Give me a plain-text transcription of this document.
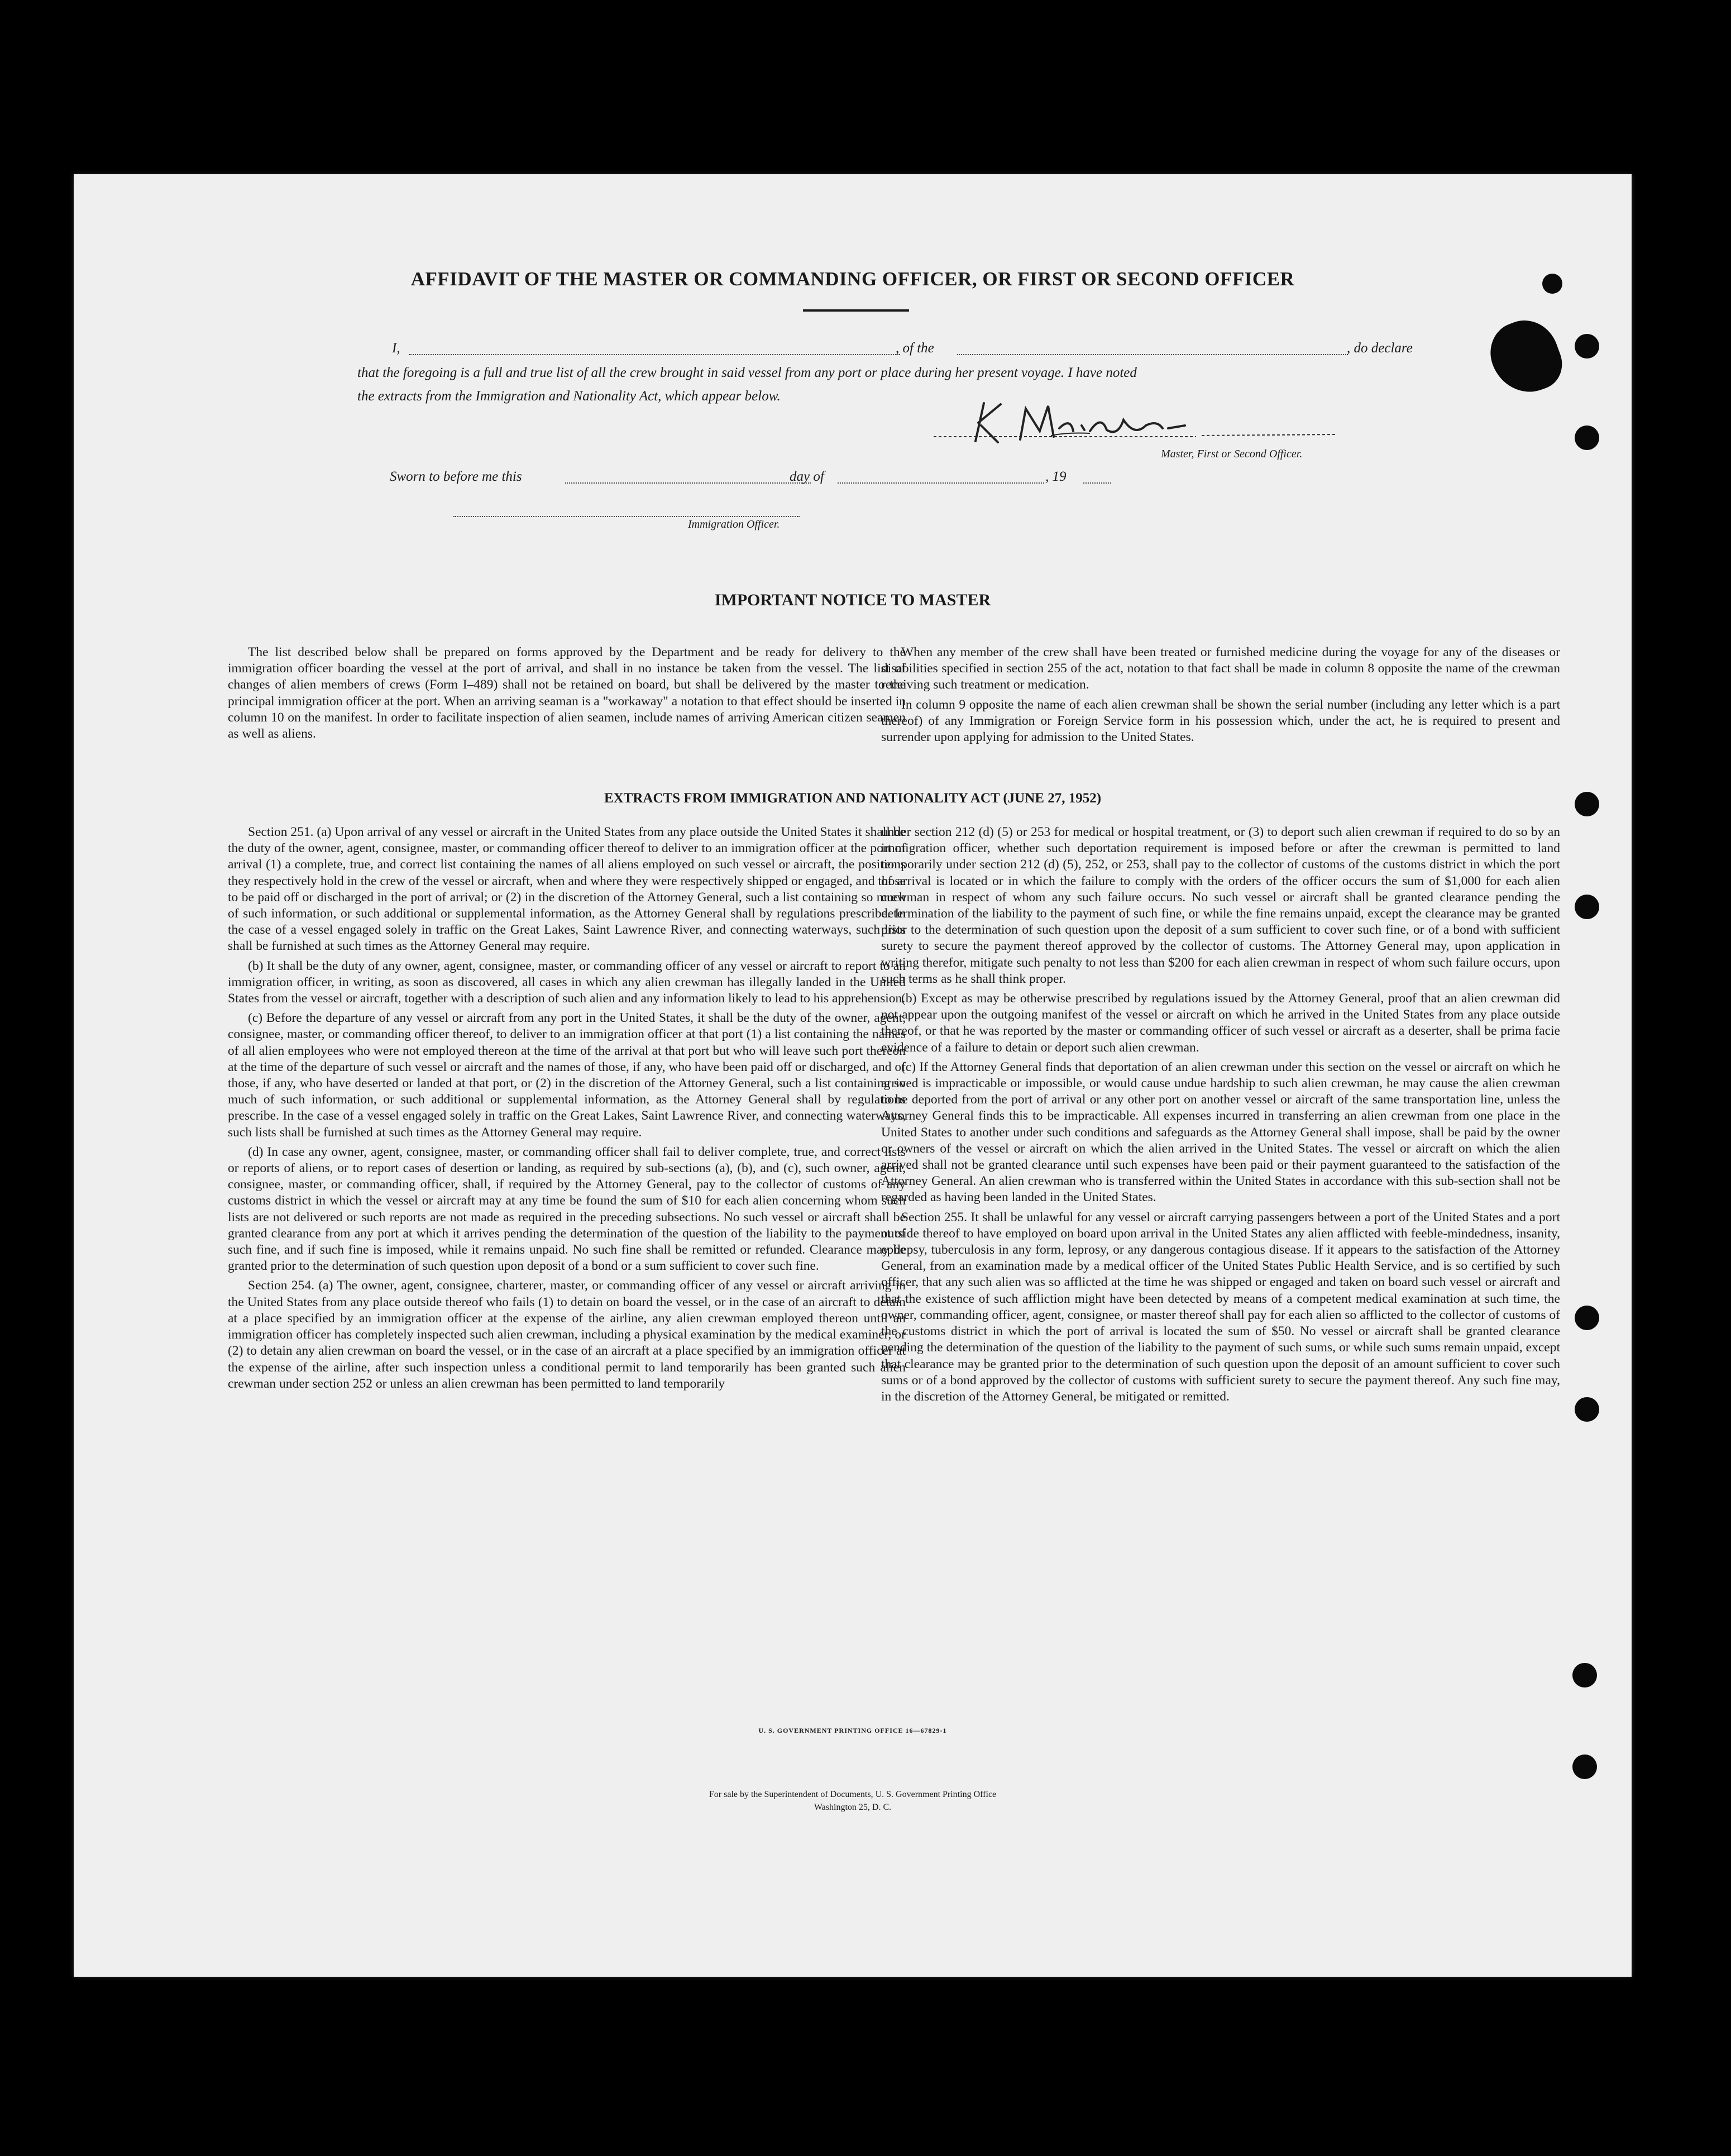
AFFIDAVIT OF THE MASTER OR COMMANDING OFFICER, OR FIRST OR SECOND OFFICER
I,	, of the	, do declare
that the foregoing is a full and true list of all the crew brought in said vessel from any port or place during her present voyage. I have noted
the extracts from the Immigration and Nationality Act, which appear below.
Master, First or Second Officer.
Sworn to before me this	day of	, 19
Immigration Officer.
IMPORTANT NOTICE TO MASTER

The list described below shall be prepared on forms approved by the Department and be ready for delivery to the immigration officer boarding the vessel at the port of arrival, and shall in no instance be taken from the vessel. The list of changes of alien members of crews (Form I–489) shall not be retained on board, but shall be delivered by the master to the principal immigration officer at the port. When an arriving seaman is a "workaway" a notation to that effect should be inserted in column 10 on the manifest. In order to facilitate inspection of alien seamen, include names of arriving American citizen seamen as well as aliens.

When any member of the crew shall have been treated or furnished medicine during the voyage for any of the diseases or disabilities specified in section 255 of the act, notation to that fact shall be made in column 8 opposite the name of the crewman receiving such treatment or medication.

In column 9 opposite the name of each alien crewman shall be shown the serial number (including any letter which is a part thereof) of any Immigration or Foreign Service form in his possession which, under the act, he is required to present and surrender upon applying for admission to the United States.

EXTRACTS FROM IMMIGRATION AND NATIONALITY ACT (JUNE 27, 1952)

Section 251. (a) Upon arrival of any vessel or aircraft in the United States from any place outside the United States it shall be the duty of the owner, agent, consignee, master, or commanding officer thereof to deliver to an immigration officer at the port of arrival (1) a complete, true, and correct list containing the names of all aliens employed on such vessel or aircraft, the positions they respectively hold in the crew of the vessel or aircraft, when and where they were respectively shipped or engaged, and those to be paid off or discharged in the port of arrival; or (2) in the discretion of the Attorney General, such a list containing so much of such information, or such additional or supplemental information, as the Attorney General shall by regulations prescribe. In the case of a vessel engaged solely in traffic on the Great Lakes, Saint Lawrence River, and connecting waterways, such lists shall be furnished at such times as the Attorney General may require.

(b) It shall be the duty of any owner, agent, consignee, master, or commanding officer of any vessel or aircraft to report to an immigration officer, in writing, as soon as discovered, all cases in which any alien crewman has illegally landed in the United States from the vessel or aircraft, together with a description of such alien and any information likely to lead to his apprehension.

(c) Before the departure of any vessel or aircraft from any port in the United States, it shall be the duty of the owner, agent, consignee, master, or commanding officer thereof, to deliver to an immigration officer at that port (1) a list containing the names of all alien employees who were not employed thereon at the time of the arrival at that port but who will leave such port thereon at the time of the departure of such vessel or aircraft and the names of those, if any, who have been paid off or discharged, and of those, if any, who have deserted or landed at that port, or (2) in the discretion of the Attorney General, such a list containing so much of such information, or such additional or supplemental information, as the Attorney General shall by regulations prescribe. In the case of a vessel engaged solely in traffic on the Great Lakes, Saint Lawrence River, and connecting waterways, such lists shall be furnished at such times as the Attorney General may require.

(d) In case any owner, agent, consignee, master, or commanding officer shall fail to deliver complete, true, and correct lists or reports of aliens, or to report cases of desertion or landing, as required by sub-sections (a), (b), and (c), such owner, agent, consignee, master, or commanding officer, shall, if required by the Attorney General, pay to the collector of customs of any customs district in which the vessel or aircraft may at any time be found the sum of $10 for each alien concerning whom such lists are not delivered or such reports are not made as required in the preceding subsections. No such vessel or aircraft shall be granted clearance from any port at which it arrives pending the determination of the question of the liability to the payment of such fine, and if such fine is imposed, while it remains unpaid. No such fine shall be remitted or refunded. Clearance may be granted prior to the determination of such question upon deposit of a bond or a sum sufficient to cover such fine.

Section 254. (a) The owner, agent, consignee, charterer, master, or commanding officer of any vessel or aircraft arriving in the United States from any place outside thereof who fails (1) to detain on board the vessel, or in the case of an aircraft to detain at a place specified by an immigration officer at the expense of the airline, any alien crewman employed thereon until an immigration officer has completely inspected such alien crewman, including a physical examination by the medical examiner, or (2) to detain any alien crewman on board the vessel, or in the case of an aircraft at a place specified by an immigration officer at the expense of the airline, after such inspection unless a conditional permit to land temporarily has been granted such alien crewman under section 252 or unless an alien crewman has been permitted to land temporarily

under section 212 (d) (5) or 253 for medical or hospital treatment, or (3) to deport such alien crewman if required to do so by an immigration officer, whether such deportation requirement is imposed before or after the crewman is permitted to land temporarily under section 212 (d) (5), 252, or 253, shall pay to the collector of customs of the customs district in which the port of arrival is located or in which the failure to comply with the orders of the officer occurs the sum of $1,000 for each alien crewman in respect of whom any such failure occurs. No such vessel or aircraft shall be granted clearance pending the determination of the liability to the payment of such fine, or while the fine remains unpaid, except the clearance may be granted prior to the determination of such question upon the deposit of a sum sufficient to cover such fine, or of a bond with sufficient surety to secure the payment thereof approved by the collector of customs. The Attorney General may, upon application in writing therefor, mitigate such penalty to not less than $200 for each alien crewman in respect of whom such failure occurs, upon such terms as he shall think proper.

(b) Except as may be otherwise prescribed by regulations issued by the Attorney General, proof that an alien crewman did not appear upon the outgoing manifest of the vessel or aircraft on which he arrived in the United States from any place outside thereof, or that he was reported by the master or commanding officer of such vessel or aircraft as a deserter, shall be prima facie evidence of a failure to detain or deport such alien crewman.

(c) If the Attorney General finds that deportation of an alien crewman under this section on the vessel or aircraft on which he arrived is impracticable or impossible, or would cause undue hardship to such alien crewman, he may cause the alien crewman to be deported from the port of arrival or any other port on another vessel or aircraft of the same transportation line, unless the Attorney General finds this to be impracticable. All expenses incurred in transferring an alien crewman from one place in the United States to another under such conditions and safeguards as the Attorney General shall impose, shall be paid by the owner or owners of the vessel or aircraft on which the alien arrived in the United States. The vessel or aircraft on which the alien arrived shall not be granted clearance until such expenses have been paid or their payment guaranteed to the satisfaction of the Attorney General. An alien crewman who is transferred within the United States in accordance with this sub-section shall not be regarded as having been landed in the United States.

Section 255. It shall be unlawful for any vessel or aircraft carrying passengers between a port of the United States and a port outside thereof to have employed on board upon arrival in the United States any alien afflicted with feeble-mindedness, insanity, epilepsy, tuberculosis in any form, leprosy, or any dangerous contagious disease. If it appears to the satisfaction of the Attorney General, from an examination made by a medical officer of the United States Public Health Service, and is so certified by such officer, that any such alien was so afflicted at the time he was shipped or engaged and taken on board such vessel or aircraft and that the existence of such affliction might have been detected by means of a competent medical examination at such time, the owner, commanding officer, agent, consignee, or master thereof shall pay for each alien so afflicted to the collector of customs of the customs district in which the port of arrival is located the sum of $50. No vessel or aircraft shall be granted clearance pending the determination of the question of the liability to the payment of such sums, or while such sums remain unpaid, except that clearance may be granted prior to the determination of such question upon the deposit of an amount sufficient to cover such sums or of a bond approved by the collector of customs with sufficient surety to secure the payment thereof. Any such fine may, in the discretion of the Attorney General, be mitigated or remitted.

U. S. GOVERNMENT PRINTING OFFICE 16—67829-1
For sale by the Superintendent of Documents, U. S. Government Printing Office
Washington 25, D. C.
